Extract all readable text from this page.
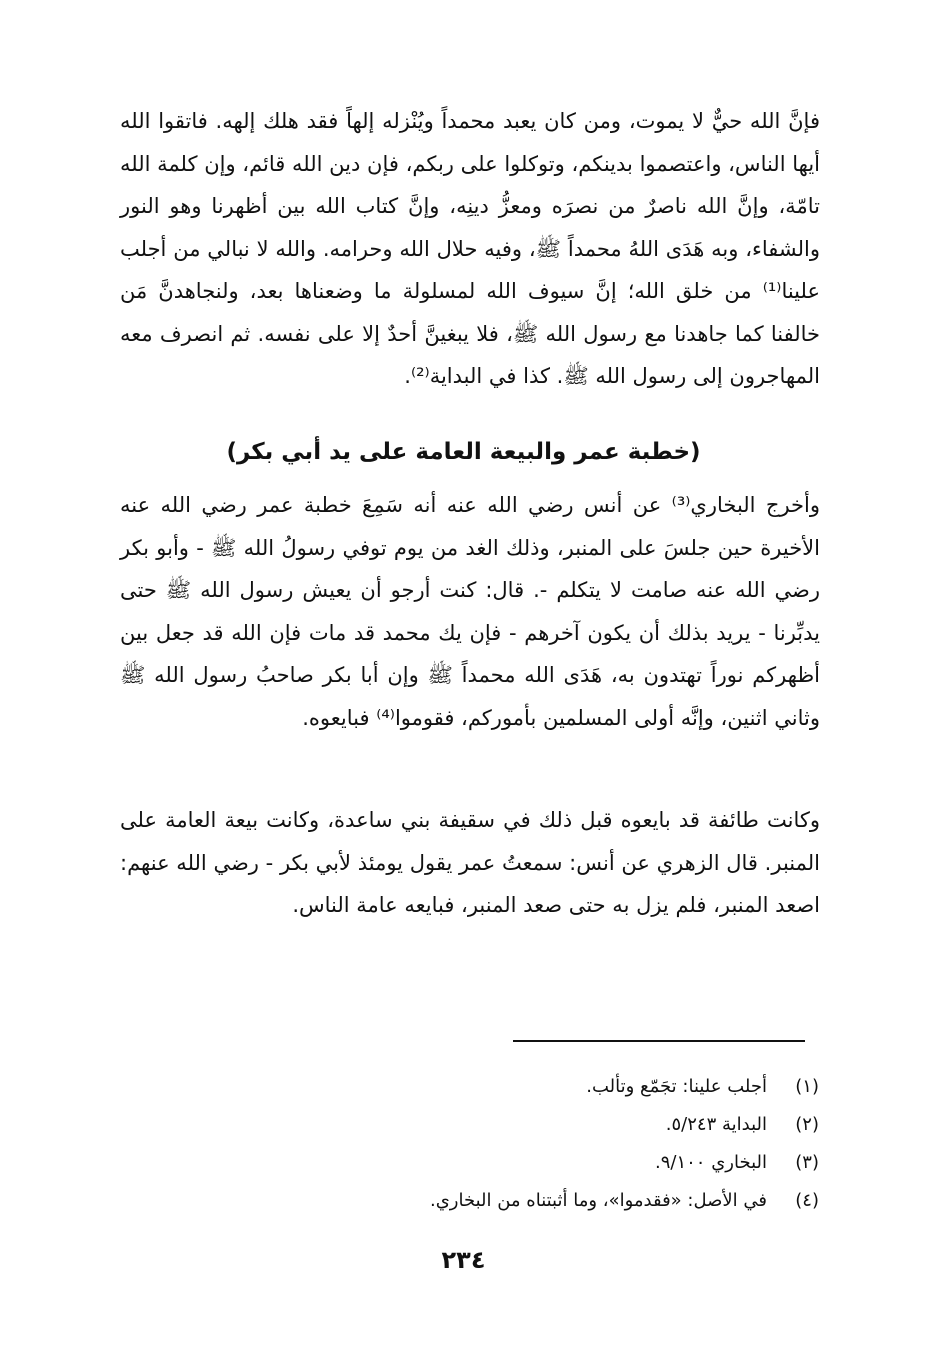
فإنَّ الله حيٌّ لا يموت، ومن كان يعبد محمداً ويُنْزله إلهاً فقد هلك إلهه. فاتقوا الله أيها الناس، واعتصموا بدينكم، وتوكلوا على ربكم، فإن دين الله قائم، وإن كلمة الله تامّة، وإنَّ الله ناصرٌ من نصرَه ومعزُّ دينِه، وإنَّ كتاب الله بين أظهرنا وهو النور والشفاء، وبه هَدَى اللهُ محمداً ﷺ، وفيه حلال الله وحرامه. والله لا نبالي من أجلب علينا⁽¹⁾ من خلق الله؛ إنَّ سيوف الله لمسلولة ما وضعناها بعد، ولنجاهدنَّ مَن خالفنا كما جاهدنا مع رسول الله ﷺ، فلا يبغينَّ أحدٌ إلا على نفسه. ثم انصرف معه المهاجرون إلى رسول الله ﷺ. كذا في البداية⁽²⁾.

(خطبة عمر والبيعة العامة على يد أبي بكر)

وأخرج البخاري⁽³⁾ عن أنس رضي الله عنه أنه سَمِعَ خطبة عمر رضي الله عنه الأخيرة حين جلسَ على المنبر، وذلك الغد من يوم توفي رسولُ الله ﷺ - وأبو بكر رضي الله عنه صامت لا يتكلم -. قال: كنت أرجو أن يعيش رسول الله ﷺ حتى يدبِّرنا - يريد بذلك أن يكون آخرهم - فإن يك محمد قد مات فإن الله قد جعل بين أظهركم نوراً تهتدون به، هَدَى الله محمداً ﷺ وإن أبا بكر صاحبُ رسول الله ﷺ وثاني اثنين، وإنَّه أولى المسلمين بأموركم، فقوموا⁽⁴⁾ فبايعوه.

وكانت طائفة قد بايعوه قبل ذلك في سقيفة بني ساعدة، وكانت بيعة العامة على المنبر. قال الزهري عن أنس: سمعتُ عمر يقول يومئذ لأبي بكر - رضي الله عنهم: اصعد المنبر، فلم يزل به حتى صعد المنبر، فبايعه عامة الناس.

(١)
أجلب علينا: تجَمّع وتألب.
(٢)
البداية ٥/٢٤٣.
(٣)
البخاري ٩/١٠٠.
(٤)
في الأصل: «فقدموا»، وما أثبتناه من البخاري.
٢٣٤
